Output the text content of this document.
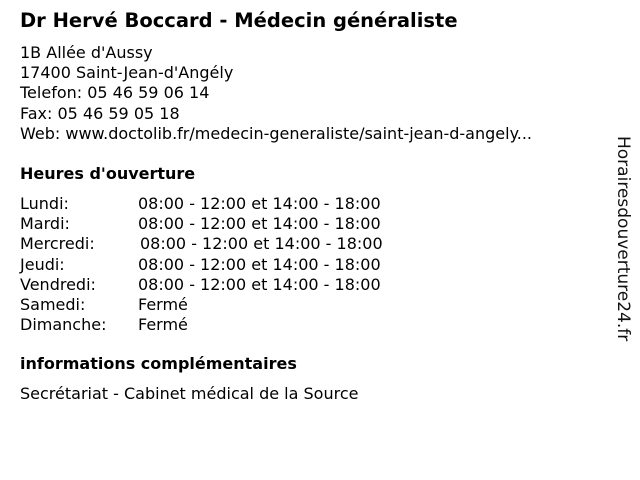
Dr Hervé Boccard - Médecin généraliste
1B Allée d'Aussy
17400 Saint-Jean-d'Angély
Telefon: 05 46 59 06 14
Fax: 05 46 59 05 18
Web: www.doctolib.fr/medecin-generaliste/saint-jean-d-angely...
Heures d'ouverture
Lundi:	08:00 - 12:00 et 14:00 - 18:00
Mardi:	08:00 - 12:00 et 14:00 - 18:00
Mercredi:	08:00 - 12:00 et 14:00 - 18:00
Jeudi:	08:00 - 12:00 et 14:00 - 18:00
Vendredi:	08:00 - 12:00 et 14:00 - 18:00
Samedi:	Fermé
Dimanche:	Fermé
informations complémentaires
Secrétariat - Cabinet médical de la Source
Horairesdouverture24.fr
